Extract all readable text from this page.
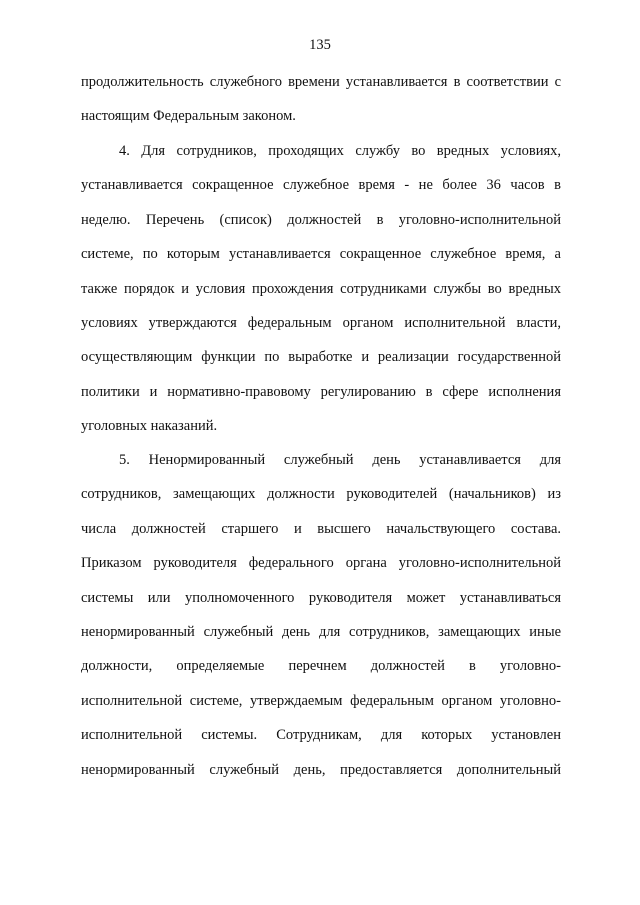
135
продолжительность служебного времени устанавливается в соответствии с
настоящим Федеральным законом.
4. Для сотрудников, проходящих службу во вредных условиях,
устанавливается сокращенное служебное время - не более 36 часов в
неделю. Перечень (список) должностей в уголовно-исполнительной
системе, по которым устанавливается сокращенное служебное время, а
также порядок и условия прохождения сотрудниками службы во вредных
условиях утверждаются федеральным органом исполнительной власти,
осуществляющим функции по выработке и реализации государственной
политики и нормативно-правовому регулированию в сфере исполнения
уголовных наказаний.
5. Ненормированный служебный день устанавливается для
сотрудников, замещающих должности руководителей (начальников) из
числа должностей старшего и высшего начальствующего состава.
Приказом руководителя федерального органа уголовно-исполнительной
системы или уполномоченного руководителя может устанавливаться
ненормированный служебный день для сотрудников, замещающих иные
должности, определяемые перечнем должностей в уголовно-
исполнительной системе, утверждаемым федеральным органом уголовно-
исполнительной системы. Сотрудникам, для которых установлен
ненормированный служебный день, предоставляется дополнительный
